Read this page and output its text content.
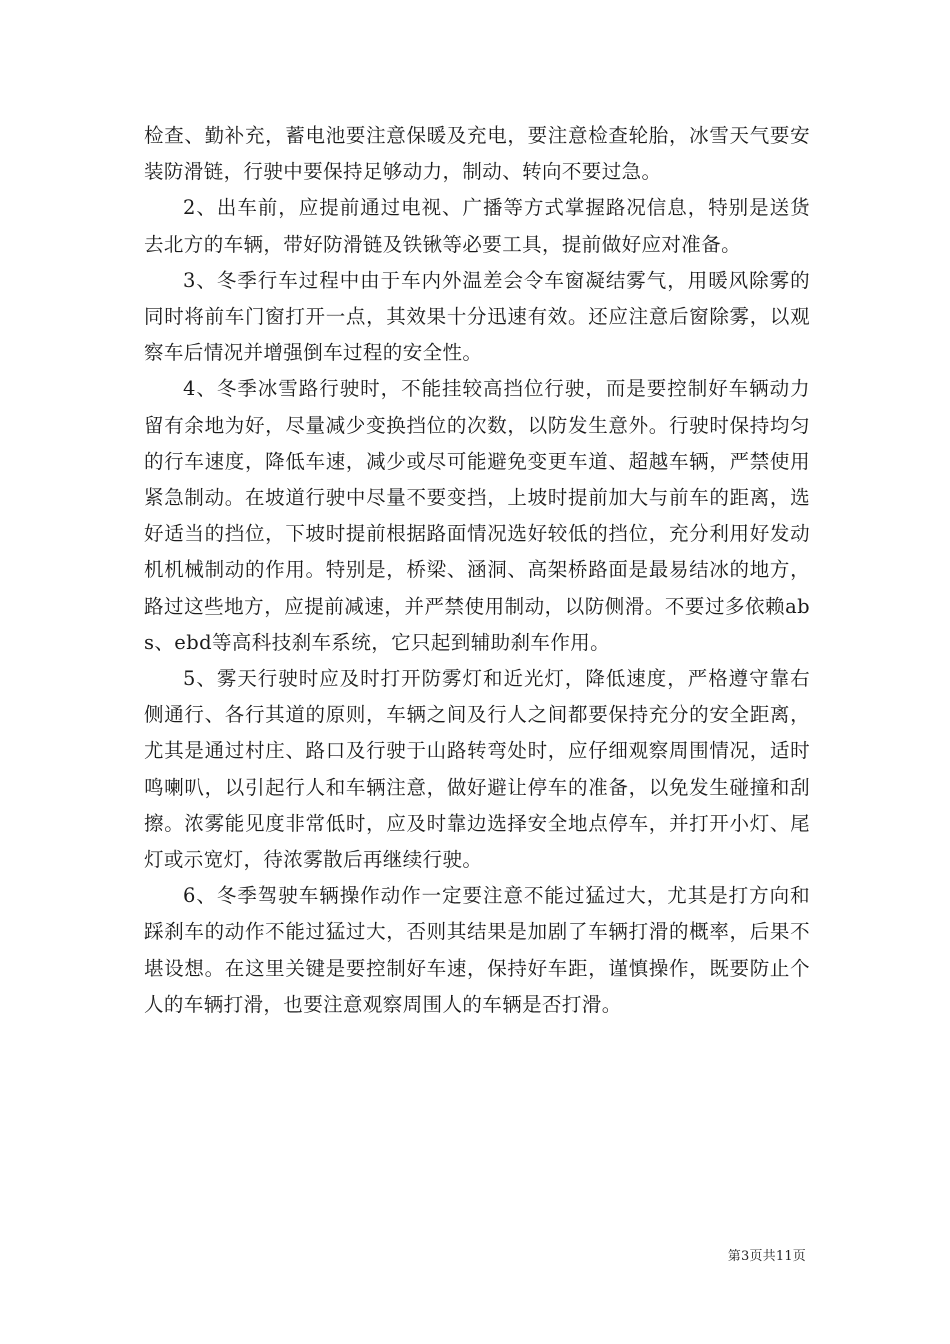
检查、勤补充，蓄电池要注意保暖及充电，要注意检查轮胎，冰雪天气要安装防滑链，行驶中要保持足够动力，制动、转向不要过急。

2、出车前，应提前通过电视、广播等方式掌握路况信息，特别是送货去北方的车辆，带好防滑链及铁锹等必要工具，提前做好应对准备。

3、冬季行车过程中由于车内外温差会令车窗凝结雾气，用暖风除雾的同时将前车门窗打开一点，其效果十分迅速有效。还应注意后窗除雾，以观察车后情况并增强倒车过程的安全性。

4、冬季冰雪路行驶时，不能挂较高挡位行驶，而是要控制好车辆动力留有余地为好，尽量减少变换挡位的次数，以防发生意外。行驶时保持均匀的行车速度，降低车速，减少或尽可能避免变更车道、超越车辆，严禁使用紧急制动。在坡道行驶中尽量不要变挡，上坡时提前加大与前车的距离，选好适当的挡位，下坡时提前根据路面情况选好较低的挡位，充分利用好发动机机械制动的作用。特别是，桥梁、涵洞、高架桥路面是最易结冰的地方，路过这些地方，应提前减速，并严禁使用制动，以防侧滑。不要过多依赖abs、ebd等高科技刹车系统，它只起到辅助刹车作用。

5、雾天行驶时应及时打开防雾灯和近光灯，降低速度，严格遵守靠右侧通行、各行其道的原则，车辆之间及行人之间都要保持充分的安全距离，尤其是通过村庄、路口及行驶于山路转弯处时，应仔细观察周围情况，适时鸣喇叭，以引起行人和车辆注意，做好避让停车的准备，以免发生碰撞和刮擦。浓雾能见度非常低时，应及时靠边选择安全地点停车，并打开小灯、尾灯或示宽灯，待浓雾散后再继续行驶。

6、冬季驾驶车辆操作动作一定要注意不能过猛过大，尤其是打方向和踩刹车的动作不能过猛过大，否则其结果是加剧了车辆打滑的概率，后果不堪设想。在这里关键是要控制好车速，保持好车距，谨慎操作，既要防止个人的车辆打滑，也要注意观察周围人的车辆是否打滑。

第3页共11页
